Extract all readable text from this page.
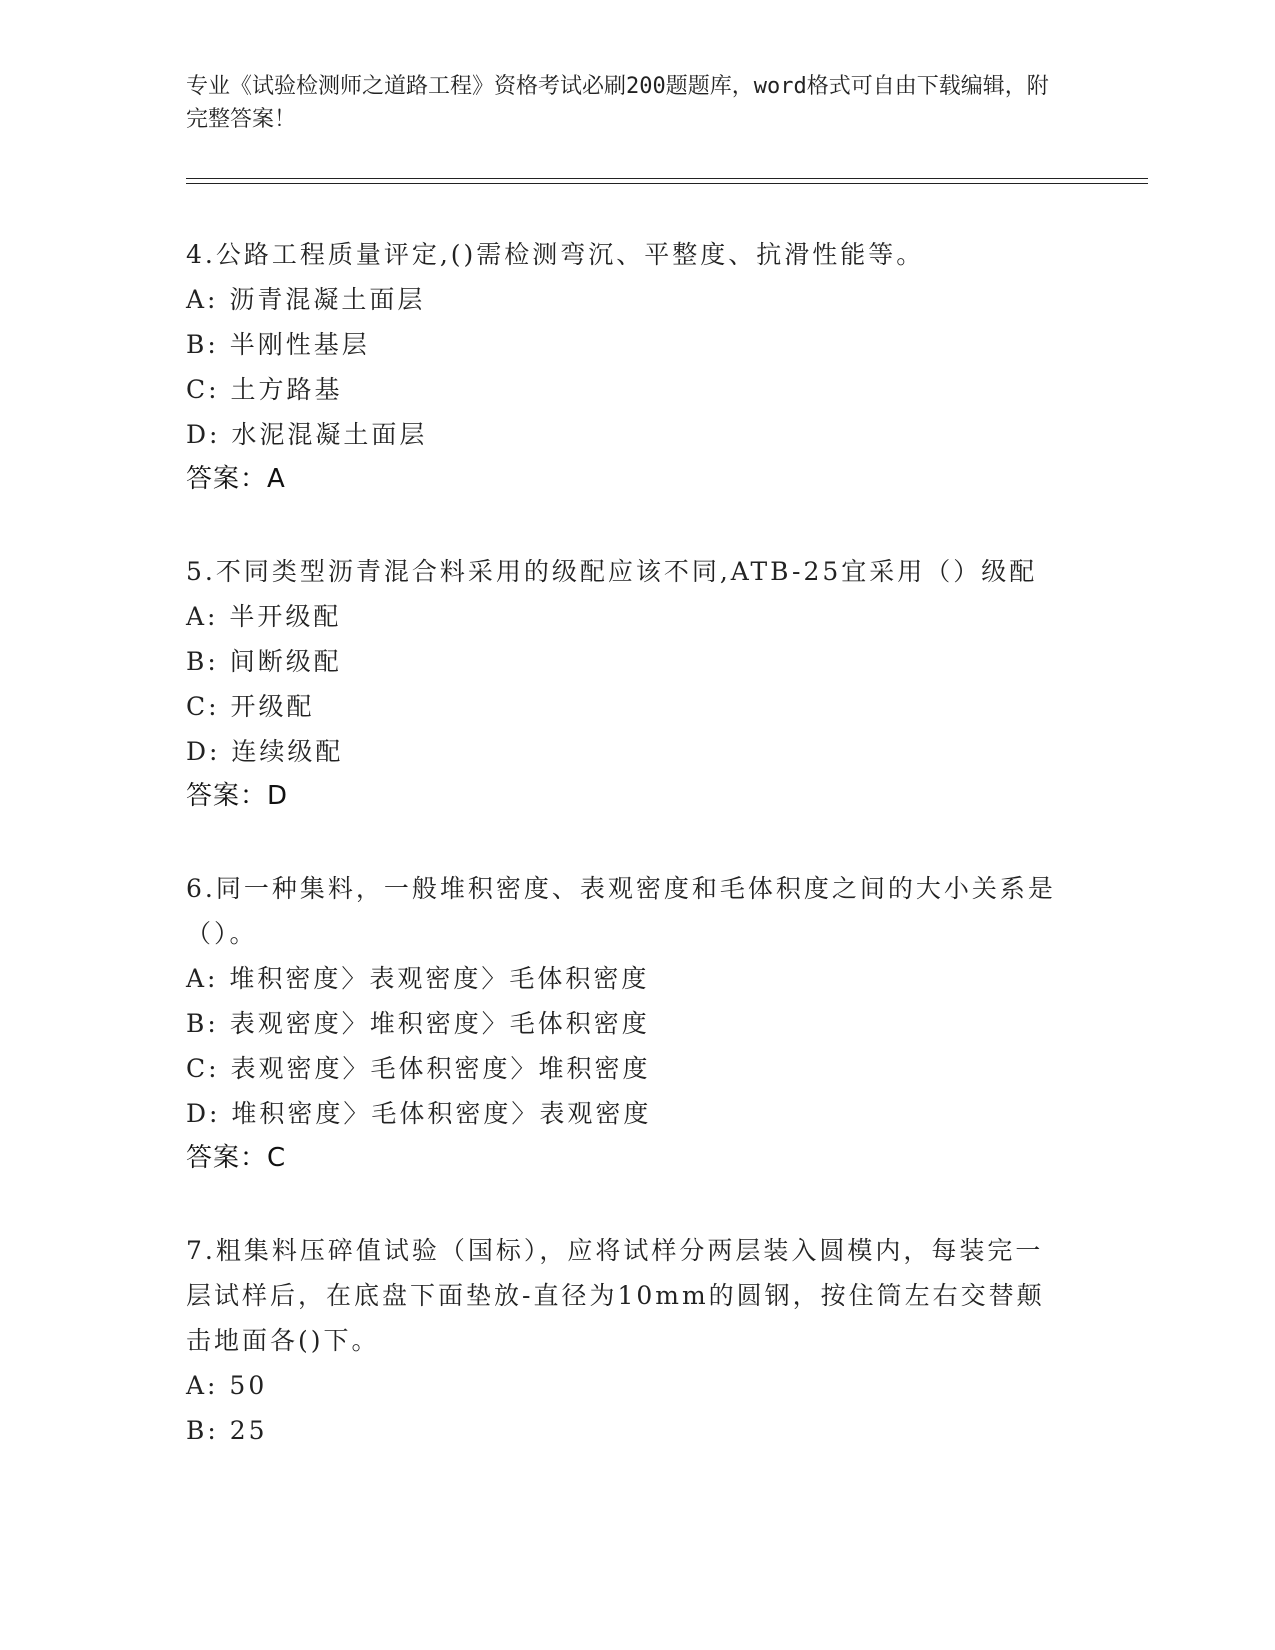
专业《试验检测师之道路工程》资格考试必刷200题题库，word格式可自由下载编辑，附完整答案！

4.公路工程质量评定,()需检测弯沉、平整度、抗滑性能等。

A: 沥青混凝土面层

B: 半刚性基层

C: 土方路基

D: 水泥混凝土面层

答案：A

5.不同类型沥青混合料采用的级配应该不同,ATB-25宜采用（）级配

A: 半开级配

B: 间断级配

C: 开级配

D: 连续级配

答案：D

6.同一种集料，一般堆积密度、表观密度和毛体积度之间的大小关系是（）。

A: 堆积密度〉表观密度〉毛体积密度

B: 表观密度〉堆积密度〉毛体积密度

C: 表观密度〉毛体积密度〉堆积密度

D: 堆积密度〉毛体积密度〉表观密度

答案：C

7.粗集料压碎值试验（国标），应将试样分两层装入圆模内，每装完一层试样后，在底盘下面垫放-直径为10mm的圆钢，按住筒左右交替颠击地面各()下。

A: 50

B: 25
